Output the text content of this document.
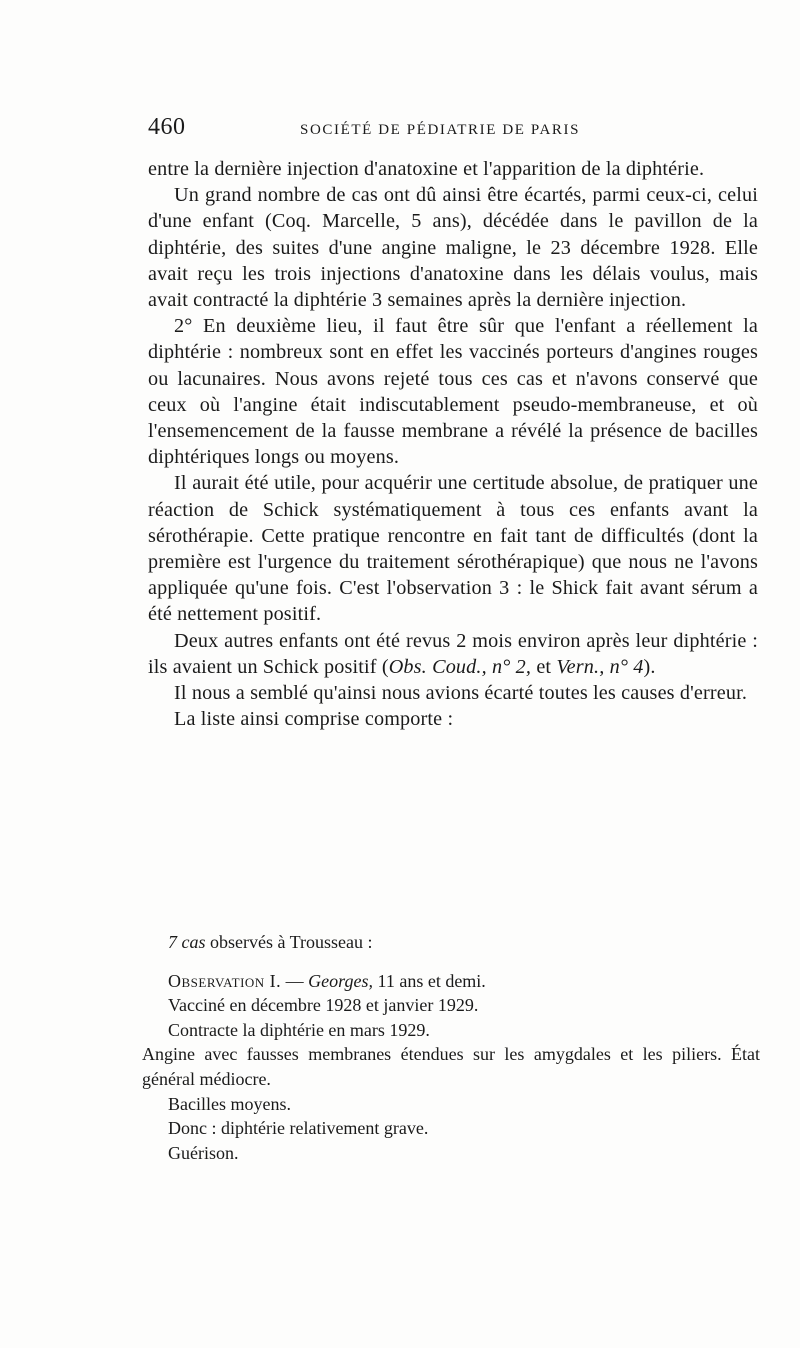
460	SOCIÉTÉ DE PÉDIATRIE DE PARIS

entre la dernière injection d'anatoxine et l'apparition de la diphtérie.

Un grand nombre de cas ont dû ainsi être écartés, parmi ceux-ci, celui d'une enfant (Coq. Marcelle, 5 ans), décédée dans le pavillon de la diphtérie, des suites d'une angine maligne, le 23 décembre 1928. Elle avait reçu les trois injections d'anatoxine dans les délais voulus, mais avait contracté la diphtérie 3 semaines après la dernière injection.

2° En deuxième lieu, il faut être sûr que l'enfant a réellement la diphtérie : nombreux sont en effet les vaccinés porteurs d'angines rouges ou lacunaires. Nous avons rejeté tous ces cas et n'avons conservé que ceux où l'angine était indiscutablement pseudo-membraneuse, et où l'ensemencement de la fausse membrane a révélé la présence de bacilles diphtériques longs ou moyens.

Il aurait été utile, pour acquérir une certitude absolue, de pratiquer une réaction de Schick systématiquement à tous ces enfants avant la sérothérapie. Cette pratique rencontre en fait tant de difficultés (dont la première est l'urgence du traitement sérothérapique) que nous ne l'avons appliquée qu'une fois. C'est l'observation 3 : le Shick fait avant sérum a été nettement positif.

Deux autres enfants ont été revus 2 mois environ après leur diphtérie : ils avaient un Schick positif (Obs. Coud., n° 2, et Vern., n° 4).

Il nous a semblé qu'ainsi nous avions écarté toutes les causes d'erreur.

La liste ainsi comprise comporte :

7 cas observés à Trousseau :

Observation I. — Georges, 11 ans et demi.

Vacciné en décembre 1928 et janvier 1929.

Contracte la diphtérie en mars 1929.

Angine avec fausses membranes étendues sur les amygdales et les piliers. État général médiocre.

Bacilles moyens.

Donc : diphtérie relativement grave.

Guérison.
